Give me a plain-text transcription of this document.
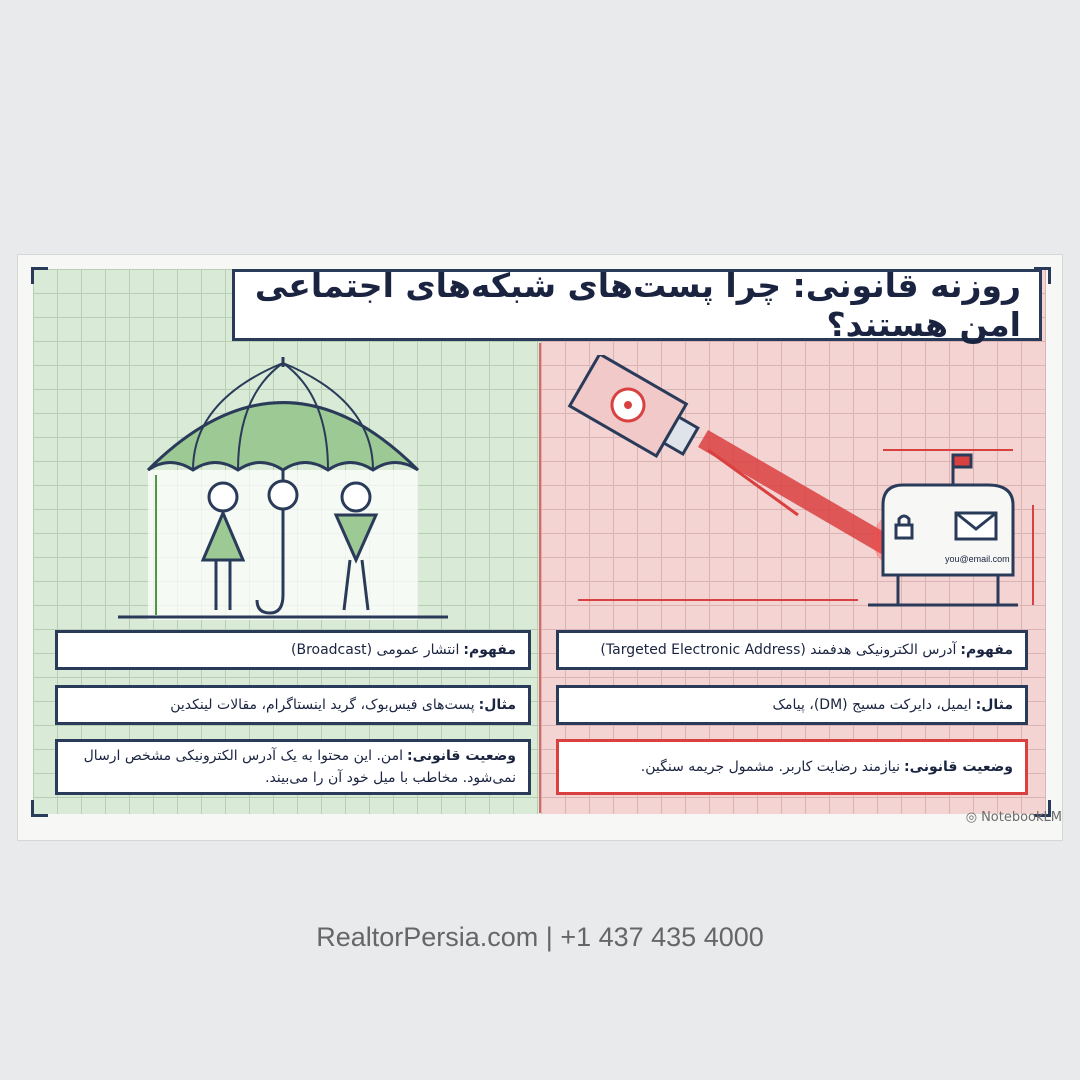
روزنه قانونی: چرا پست‌های شبکه‌های اجتماعی امن هستند؟
you@email.com
مفهوم:
انتشار عمومی (Broadcast)
مثال:
پست‌های فیس‌بوک، گرید اینستاگرام، مقالات لینکدین
وضعیت قانونی:امن. این محتوا به یک آدرس الکترونیکی مشخص ارسال نمی‌شود. مخاطب با میل خود آن را می‌بیند.
مفهوم:
آدرس الکترونیکی هدفمند (Targeted Electronic Address)
مثال:
ایمیل، دایرکت مسیج (DM)، پیامک
وضعیت قانونی:
نیازمند رضایت کاربر. مشمول جریمه سنگین.
◎ NotebookLM
RealtorPersia.com | +1 437 435 4000
